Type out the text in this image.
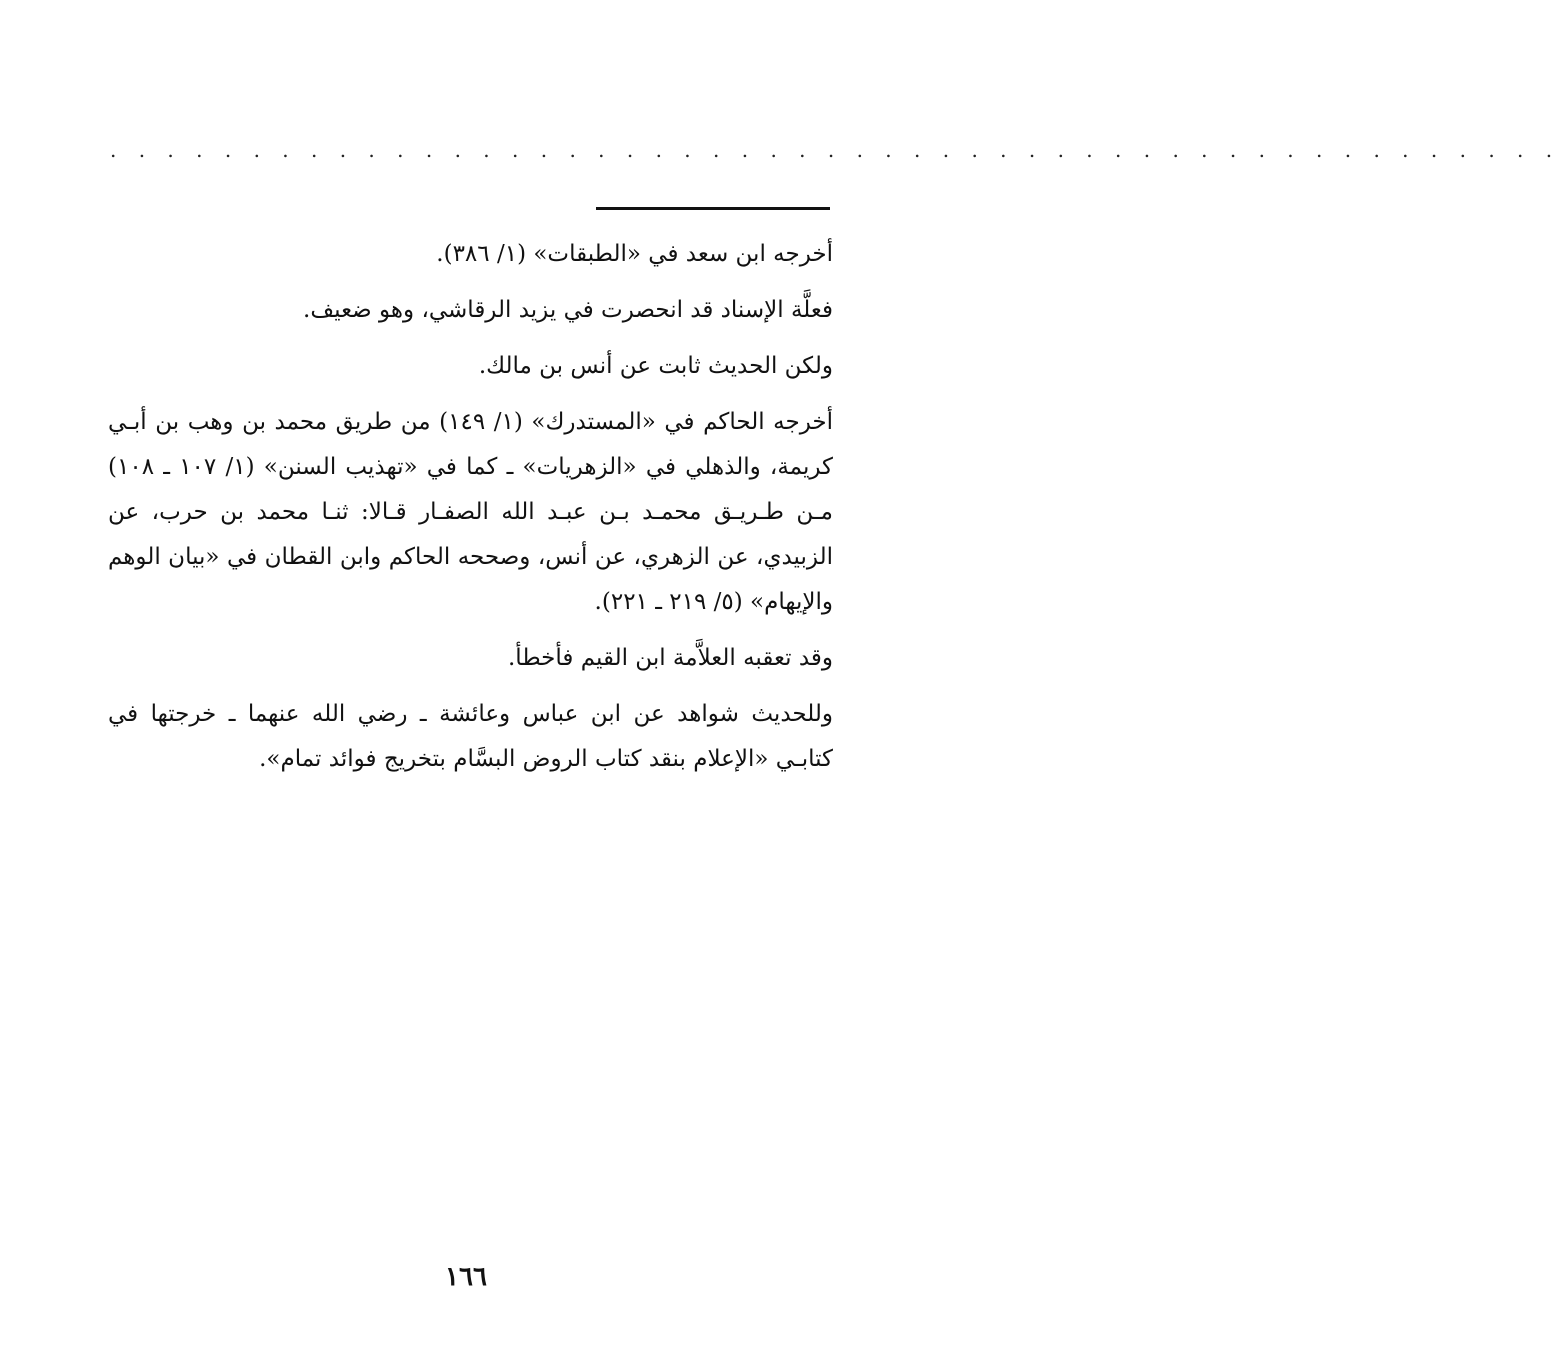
. . . . . . . . . . . . . . . . . . . . . . . . . . . . . . . . . . . . . . . . . . . . . . . . . . .

أخرجه ابن سعد في «الطبقات» (١/ ٣٨٦).

فعلَّة الإسناد قد انحصرت في يزيد الرقاشي، وهو ضعيف.

ولكن الحديث ثابت عن أنس بن مالك.

أخرجه الحاكم في «المستدرك» (١/ ١٤٩) من طريق محمد بن وهب بن أبـي كريمة، والذهلي في «الزهريات» ـ كما في «تهذيب السنن» (١/ ١٠٧ ـ ١٠٨) مـن طـريـق محمـد بـن عبـد الله الصفـار قـالا: ثنـا محمد بن حرب، عن الزبيدي، عن الزهري، عن أنس، وصححه الحاكم وابن القطان في «بيان الوهم والإيهام» (٥/ ٢١٩ ـ ٢٢١).

وقد تعقبه العلاَّمة ابن القيم فأخطأ.

وللحديث شواهد عن ابن عباس وعائشة ـ رضي الله عنهما ـ خرجتها في كتابـي «الإعلام بنقد كتاب الروض البسَّام بتخريج فوائد تمام».

١٦٦
